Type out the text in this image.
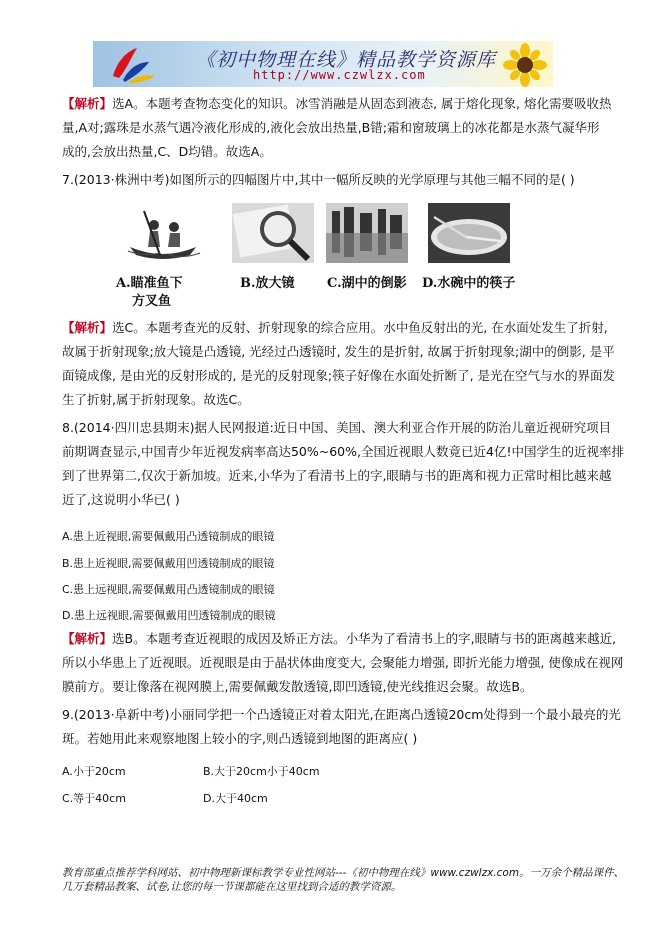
《初中物理在线》精品教学资源库
http://www.czwlzx.com
【解析】选A。本题考查物态变化的知识。冰雪消融是从固态到液态, 属于熔化现象, 熔化需要吸收热
量,A对;露珠是水蒸气遇冷液化形成的,液化会放出热量,B错;霜和窗玻璃上的冰花都是水蒸气凝华形
成的,会放出热量,C、D均错。故选A。
7.(2013·株洲中考)如图所示的四幅图片中,其中一幅所反映的光学原理与其他三幅不同的是( )
A.瞄准鱼下
方叉鱼
B.放大镜 C.湖中的倒影 D.水碗中的筷子
【解析】选C。本题考查光的反射、折射现象的综合应用。水中鱼反射出的光, 在水面处发生了折射,
故属于折射现象;放大镜是凸透镜, 光经过凸透镜时, 发生的是折射, 故属于折射现象;湖中的倒影, 是平
面镜成像, 是由光的反射形成的, 是光的反射现象;筷子好像在水面处折断了, 是光在空气与水的界面发
生了折射,属于折射现象。故选C。
8.(2014·四川忠县期末)据人民网报道:近日中国、美国、澳大利亚合作开展的防治儿童近视研究项目
前期调查显示,中国青少年近视发病率高达50%~60%,全国近视眼人数竟已近4亿!中国学生的近视率排
到了世界第二,仅次于新加坡。近来,小华为了看清书上的字,眼睛与书的距离和视力正常时相比越来越
近了,这说明小华已( )
A.患上近视眼,需要佩戴用凸透镜制成的眼镜
B.患上近视眼,需要佩戴用凹透镜制成的眼镜
C.患上远视眼,需要佩戴用凸透镜制成的眼镜
D.患上远视眼,需要佩戴用凹透镜制成的眼镜
【解析】选B。本题考查近视眼的成因及矫正方法。小华为了看清书上的字,眼睛与书的距离越来越近,
所以小华患上了近视眼。近视眼是由于晶状体曲度变大, 会聚能力增强, 即折光能力增强, 使像成在视网
膜前方。要让像落在视网膜上,需要佩戴发散透镜,即凹透镜,使光线推迟会聚。故选B。
9.(2013·阜新中考)小丽同学把一个凸透镜正对着太阳光,在距离凸透镜20cm处得到一个最小最亮的光
斑。若她用此来观察地图上较小的字,则凸透镜到地图的距离应( )
A.小于20cm	B.大于20cm小于40cm
C.等于40cm	D.大于40cm
教育部重点推荐学科网站、初中物理新课标教学专业性网站---《初中物理在线》www.czwlzx.com。一万余个精品课件、
几万套精品教案、试卷,让您的每一节课都能在这里找到合适的教学资源。
